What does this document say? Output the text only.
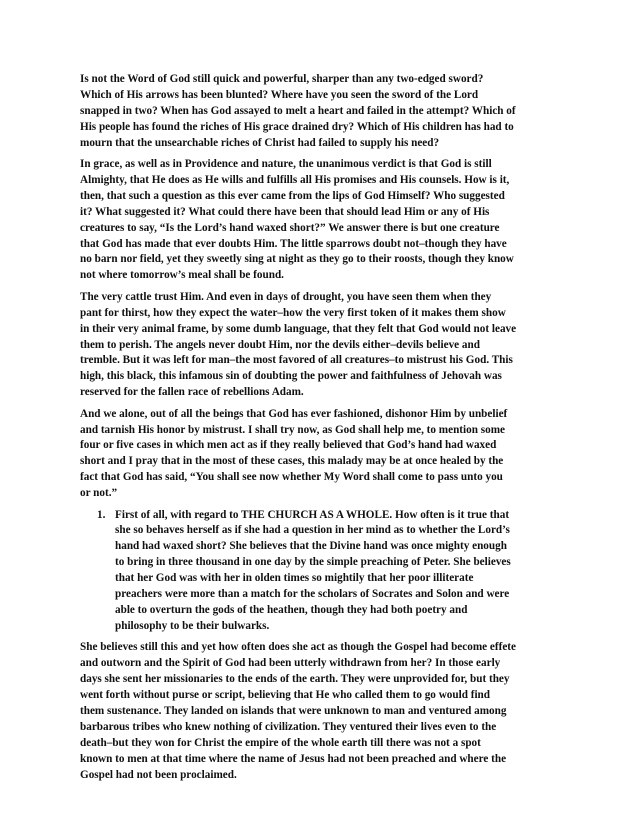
Is not the Word of God still quick and powerful, sharper than any two-edged sword?
Which of His arrows has been blunted? Where have you seen the sword of the Lord
snapped in two? When has God assayed to melt a heart and failed in the attempt? Which of
His people has found the riches of His grace drained dry? Which of His children has had to
mourn that the unsearchable riches of Christ had failed to supply his need?

In grace, as well as in Providence and nature, the unanimous verdict is that God is still
Almighty, that He does as He wills and fulfills all His promises and His counsels. How is it,
then, that such a question as this ever came from the lips of God Himself? Who suggested
it? What suggested it? What could there have been that should lead Him or any of His
creatures to say, “Is the Lord’s hand waxed short?” We answer there is but one creature
that God has made that ever doubts Him. The little sparrows doubt not–though they have
no barn nor field, yet they sweetly sing at night as they go to their roosts, though they know
not where tomorrow’s meal shall be found.

The very cattle trust Him. And even in days of drought, you have seen them when they
pant for thirst, how they expect the water–how the very first token of it makes them show
in their very animal frame, by some dumb language, that they felt that God would not leave
them to perish. The angels never doubt Him, nor the devils either–devils believe and
tremble. But it was left for man–the most favored of all creatures–to mistrust his God. This
high, this black, this infamous sin of doubting the power and faithfulness of Jehovah was
reserved for the fallen race of rebellions Adam.

And we alone, out of all the beings that God has ever fashioned, dishonor Him by unbelief
and tarnish His honor by mistrust. I shall try now, as God shall help me, to mention some
four or five cases in which men act as if they really believed that God’s hand had waxed
short and I pray that in the most of these cases, this malady may be at once healed by the
fact that God has said, “You shall see now whether My Word shall come to pass unto you
or not.”

1. First of all, with regard to THE CHURCH AS A WHOLE. How often is it true that
she so behaves herself as if she had a question in her mind as to whether the Lord’s
hand had waxed short? She believes that the Divine hand was once mighty enough
to bring in three thousand in one day by the simple preaching of Peter. She believes
that her God was with her in olden times so mightily that her poor illiterate
preachers were more than a match for the scholars of Socrates and Solon and were
able to overturn the gods of the heathen, though they had both poetry and
philosophy to be their bulwarks.

She believes still this and yet how often does she act as though the Gospel had become effete
and outworn and the Spirit of God had been utterly withdrawn from her? In those early
days she sent her missionaries to the ends of the earth. They were unprovided for, but they
went forth without purse or script, believing that He who called them to go would find
them sustenance. They landed on islands that were unknown to man and ventured among
barbarous tribes who knew nothing of civilization. They ventured their lives even to the
death–but they won for Christ the empire of the whole earth till there was not a spot
known to men at that time where the name of Jesus had not been preached and where the
Gospel had not been proclaimed.
